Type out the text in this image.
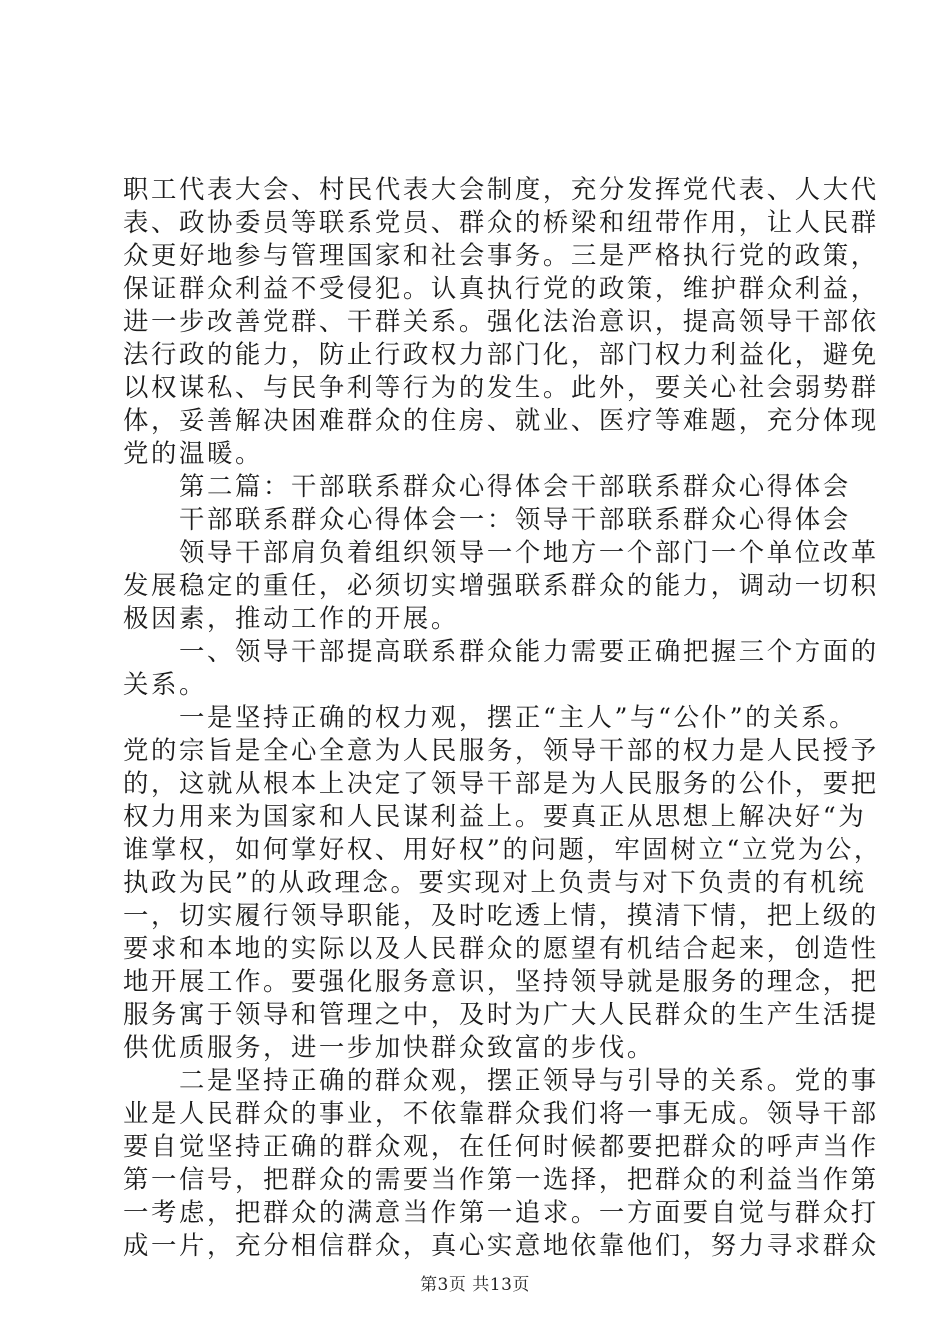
职工代表大会、村民代表大会制度，充分发挥党代表、人大代
表、政协委员等联系党员、群众的桥梁和纽带作用，让人民群
众更好地参与管理国家和社会事务。三是严格执行党的政策，
保证群众利益不受侵犯。认真执行党的政策，维护群众利益，
进一步改善党群、干群关系。强化法治意识，提高领导干部依
法行政的能力，防止行政权力部门化，部门权力利益化，避免
以权谋私、与民争利等行为的发生。此外，要关心社会弱势群
体，妥善解决困难群众的住房、就业、医疗等难题，充分体现
党的温暖。
第二篇：干部联系群众心得体会干部联系群众心得体会
干部联系群众心得体会一：领导干部联系群众心得体会
领导干部肩负着组织领导一个地方一个部门一个单位改革
发展稳定的重任，必须切实增强联系群众的能力，调动一切积
极因素，推动工作的开展。
一、领导干部提高联系群众能力需要正确把握三个方面的
关系。
一是坚持正确的权力观，摆正“主人”与“公仆”的关系。
党的宗旨是全心全意为人民服务，领导干部的权力是人民授予
的，这就从根本上决定了领导干部是为人民服务的公仆，要把
权力用来为国家和人民谋利益上。要真正从思想上解决好“为
谁掌权，如何掌好权、用好权”的问题，牢固树立“立党为公，
执政为民”的从政理念。要实现对上负责与对下负责的有机统
一，切实履行领导职能，及时吃透上情，摸清下情，把上级的
要求和本地的实际以及人民群众的愿望有机结合起来，创造性
地开展工作。要强化服务意识，坚持领导就是服务的理念，把
服务寓于领导和管理之中，及时为广大人民群众的生产生活提
供优质服务，进一步加快群众致富的步伐。
二是坚持正确的群众观，摆正领导与引导的关系。党的事
业是人民群众的事业，不依靠群众我们将一事无成。领导干部
要自觉坚持正确的群众观，在任何时候都要把群众的呼声当作
第一信号，把群众的需要当作第一选择，把群众的利益当作第
一考虑，把群众的满意当作第一追求。一方面要自觉与群众打
成一片，充分相信群众，真心实意地依靠他们，努力寻求群众
第3页 共13页
